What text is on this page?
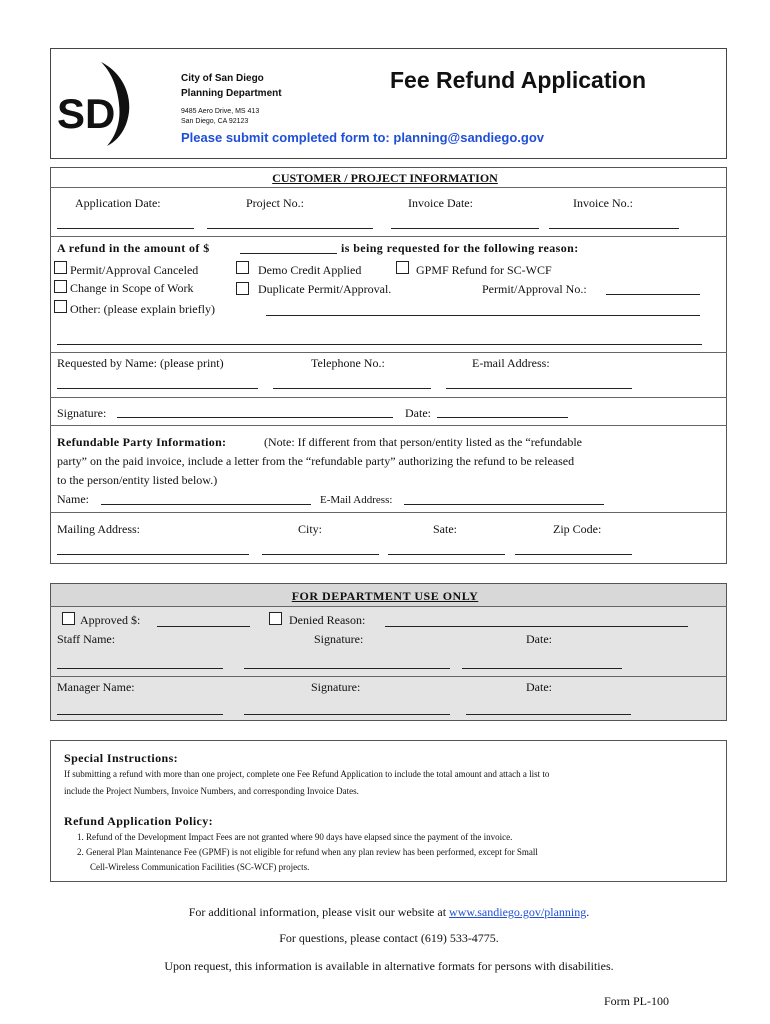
SD
City of San Diego
Planning Department
9485 Aero Drive, MS 413
San Diego, CA 92123
Fee Refund Application
Please submit completed form to: planning@sandiego.gov
CUSTOMER / PROJECT INFORMATION
Application Date:	Project No.:	Invoice Date:	Invoice No.:
A refund in the amount of $	is being requested for the following reason:
Permit/Approval Canceled	Demo Credit Applied	GPMF Refund for SC-WCF
Change in Scope of Work	Duplicate Permit/Approval.	Permit/Approval No.:
Other: (please explain briefly)
Requested by Name: (please print)	Telephone No.:	E-mail Address:
Signature:	Date:
Refundable Party Information:	(Note: If different from that person/entity listed as the “refundable
party” on the paid invoice, include a letter from the “refundable party” authorizing the refund to be released
to the person/entity listed below.)
Name:	E-Mail Address:
Mailing Address:	City:	Sate:	Zip Code:
FOR DEPARTMENT USE ONLY
Approved $:	Denied Reason:
Staff Name:	Signature:	Date:
Manager Name:	Signature:	Date:
Special Instructions:
If submitting a refund with more than one project, complete one Fee Refund Application to include the total amount and attach a list to
include the Project Numbers, Invoice Numbers, and corresponding Invoice Dates.
Refund Application Policy:
1. Refund of the Development Impact Fees are not granted where 90 days have elapsed since the payment of the invoice.
2. General Plan Maintenance Fee (GPMF) is not eligible for refund when any plan review has been performed, except for Small
Cell-Wireless Communication Facilities (SC-WCF) projects.
For additional information, please visit our website at www.sandiego.gov/planning.
For questions, please contact (619) 533-4775.
Upon request, this information is available in alternative formats for persons with disabilities.
Form PL-100
